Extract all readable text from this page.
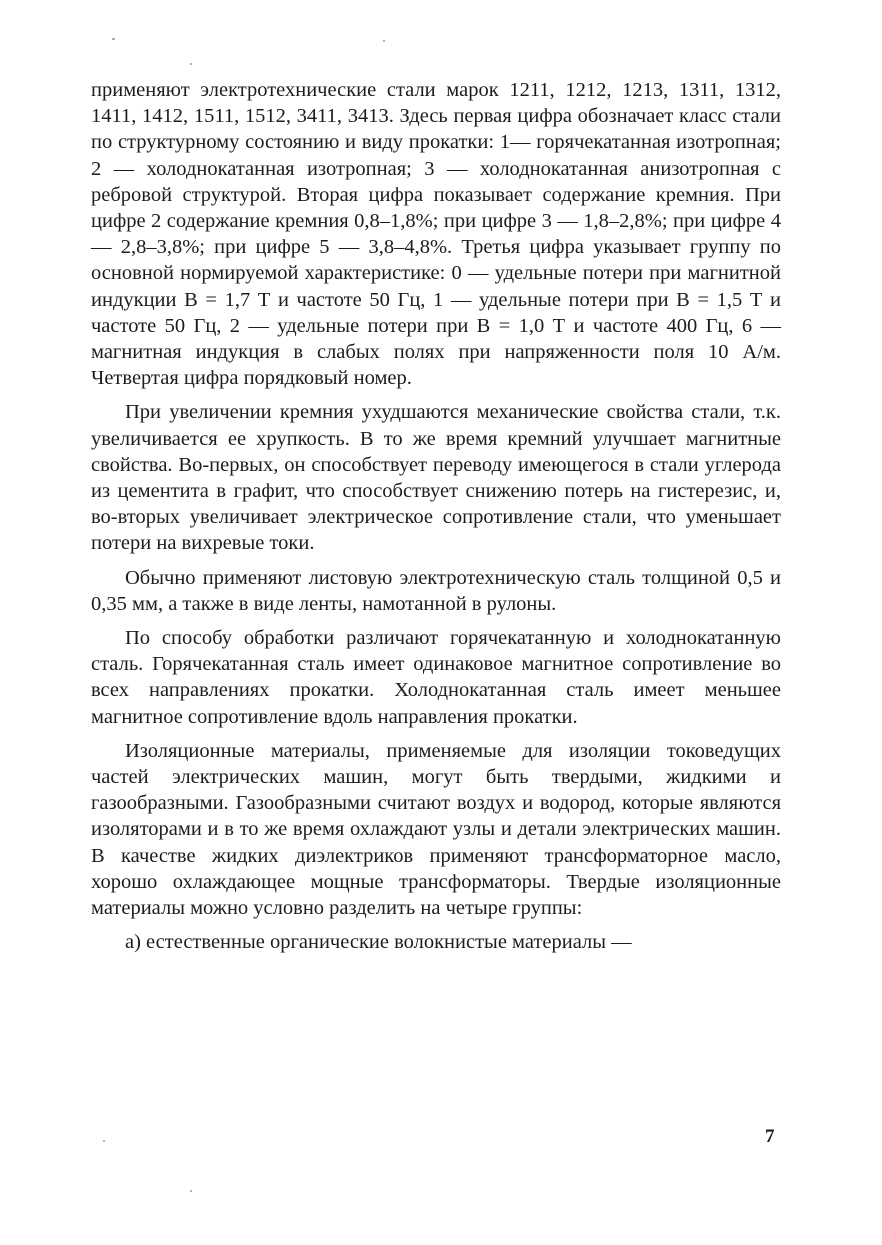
применяют электротехнические стали марок 1211, 1212, 1213, 1311, 1312, 1411, 1412, 1511, 1512, 3411, 3413. Здесь первая цифра обозначает класс стали по структурному состоянию и виду прокатки: 1— горячекатанная изотропная; 2 — холоднокатанная изотропная; 3 — холоднокатанная анизотропная с ребровой структурой. Вторая цифра показывает содержание кремния. При цифре 2 содержание кремния 0,8–1,8%; при цифре 3 — 1,8–2,8%; при цифре 4 — 2,8–3,8%; при цифре 5 — 3,8–4,8%. Третья цифра указывает группу по основной нормируемой характеристике: 0 — удельные потери при магнитной индукции В = 1,7 Т и частоте 50 Гц, 1 — удельные потери при В = 1,5 Т и частоте 50 Гц, 2 — удельные потери при В = 1,0 Т и частоте 400 Гц, 6 — магнитная индукция в слабых полях при напряженности поля 10 А/м. Четвертая цифра порядковый номер.

При увеличении кремния ухудшаются механические свойства стали, т.к. увеличивается ее хрупкость. В то же время кремний улучшает магнитные свойства. Во-первых, он способствует переводу имеющегося в стали углерода из цементита в графит, что способствует снижению потерь на гистерезис, и, во-вторых увеличивает электрическое сопротивление стали, что уменьшает потери на вихревые токи.

Обычно применяют листовую электротехническую сталь толщиной 0,5 и 0,35 мм, а также в виде ленты, намотанной в рулоны.

По способу обработки различают горячекатанную и холоднокатанную сталь. Горячекатанная сталь имеет одинаковое магнитное сопротивление во всех направлениях прокатки. Холоднокатанная сталь имеет меньшее магнитное сопротивление вдоль направления прокатки.

Изоляционные материалы, применяемые для изоляции токоведущих частей электрических машин, могут быть твердыми, жидкими и газообразными. Газообразными считают воздух и водород, которые являются изоляторами и в то же время охлаждают узлы и детали электрических машин. В качестве жидких диэлектриков применяют трансформаторное масло, хорошо охлаждающее мощные трансформаторы. Твердые изоляционные материалы можно условно разделить на четыре группы:

а) естественные органические волокнистые материалы —

7
